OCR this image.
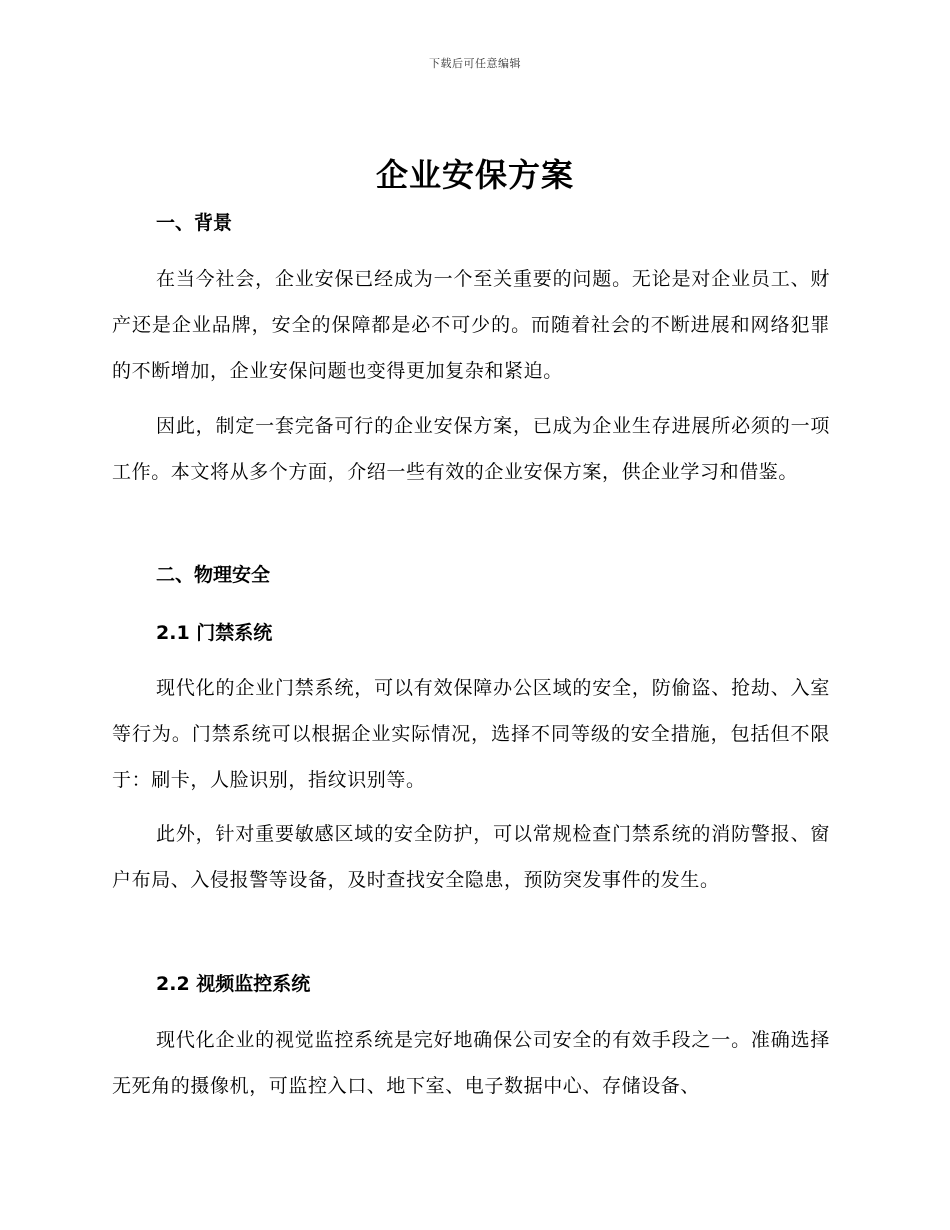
下载后可任意编辑
企业安保方案
一、背景
在当今社会，企业安保已经成为一个至关重要的问题。无论是对企业员工、财产还是企业品牌，安全的保障都是必不可少的。而随着社会的不断进展和网络犯罪的不断增加，企业安保问题也变得更加复杂和紧迫。
因此，制定一套完备可行的企业安保方案，已成为企业生存进展所必须的一项工作。本文将从多个方面，介绍一些有效的企业安保方案，供企业学习和借鉴。
二、物理安全
2.1 门禁系统
现代化的企业门禁系统，可以有效保障办公区域的安全，防偷盗、抢劫、入室等行为。门禁系统可以根据企业实际情况，选择不同等级的安全措施，包括但不限于：刷卡，人脸识别，指纹识别等。
此外，针对重要敏感区域的安全防护，可以常规检查门禁系统的消防警报、窗户布局、入侵报警等设备，及时查找安全隐患，预防突发事件的发生。
2.2 视频监控系统
现代化企业的视觉监控系统是完好地确保公司安全的有效手段之一。准确选择无死角的摄像机，可监控入口、地下室、电子数据中心、存储设备、
